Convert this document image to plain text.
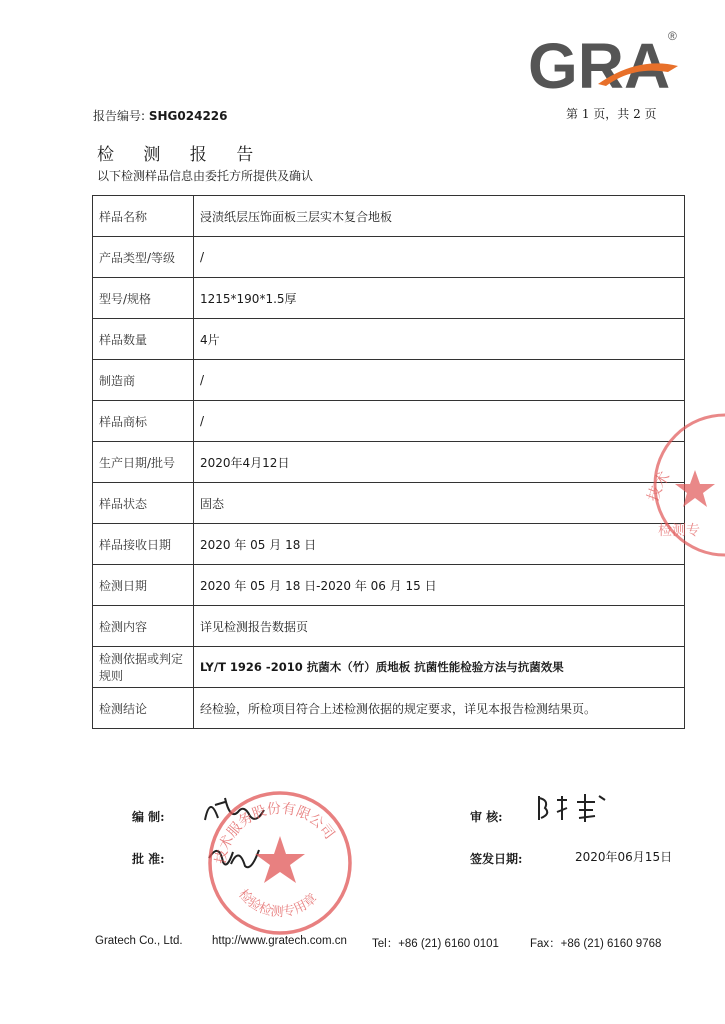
GRA
®
报告编号: SHG024226	第 1 页，共 2 页
检 测 报 告
以下检测样品信息由委托方所提供及确认
样品名称	浸渍纸层压饰面板三层实木复合地板
产品类型/等级	/
型号/规格	1215*190*1.5厚
样品数量	4片
制造商	/
样品商标	/
生产日期/批号	2020年4月12日
样品状态	固态
样品接收日期	2020 年 05 月 18 日
检测日期	2020 年 05 月 18 日-2020 年 06 月 15 日
检测内容	详见检测报告数据页
检测依据或判定规则	LY/T 1926 -2010 抗菌木（竹）质地板 抗菌性能检验方法与抗菌效果
检测结论	经检验，所检项目符合上述检测依据的规定要求，详见本报告检测结果页。
技术
检测专
编 制:
批 准:
审 核:
签发日期:	2020年06月15日
技术服务股份有限公司
检验检测专用章
Gratech Co., Ltd.	http://www.gratech.com.cn Tel：+86 (21) 6160 0101	Fax：+86 (21) 6160 9768
